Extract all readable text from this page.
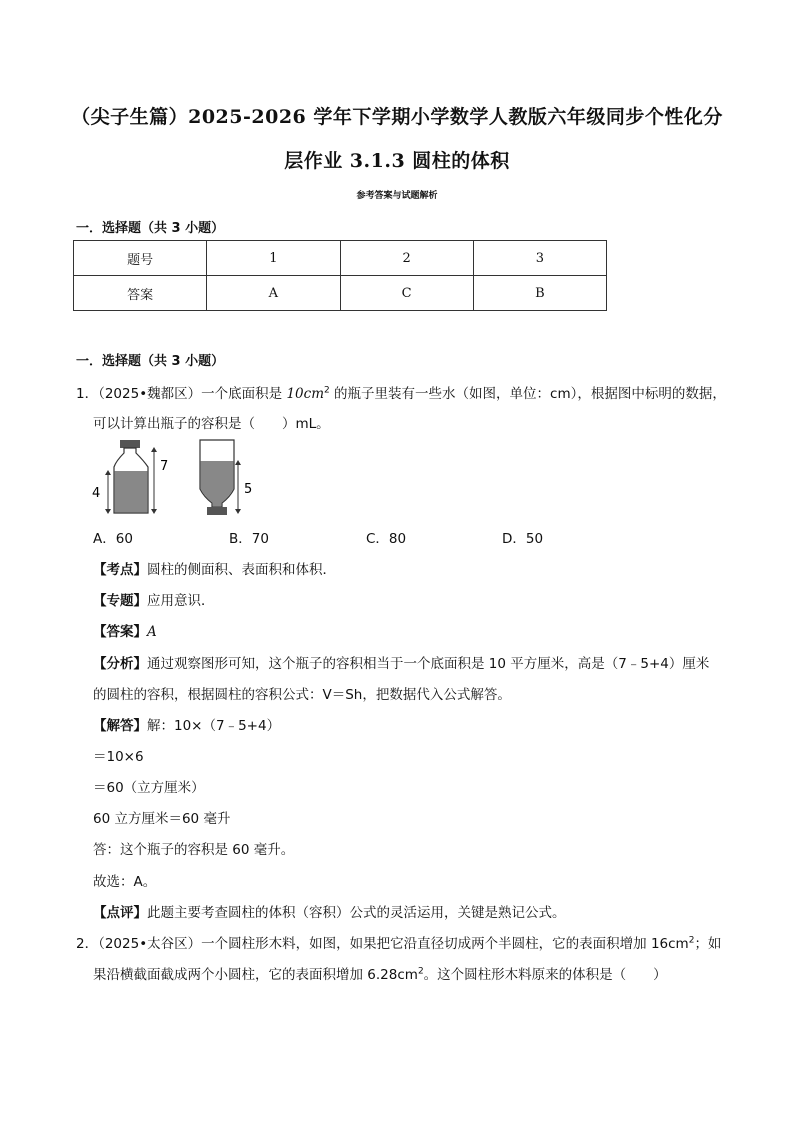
（尖子生篇）2025-2026 学年下学期小学数学人教版六年级同步个性化分
层作业 3.1.3 圆柱的体积
参考答案与试题解析
一．选择题（共 3 小题）
题号	1	2	3
答案	A	C	B
一．选择题（共 3 小题）
1．（2025•魏都区）一个底面积是 $10cm^2$ 的瓶子里装有一些水（如图，单位：cm），根据图中标明的数据，
可以计算出瓶子的容积是（　　）mL。
4
7
5
A．60	B．70	C．80	D．50
【考点】圆柱的侧面积、表面积和体积．
【专题】应用意识．
【答案】A
【分析】通过观察图形可知，这个瓶子的容积相当于一个底面积是 10 平方厘米，高是（7﹣5+4）厘米
的圆柱的容积，根据圆柱的容积公式：V＝Sh，把数据代入公式解答。
【解答】解：10×（7﹣5+4）
＝10×6
＝60（立方厘米）
60 立方厘米＝60 毫升
答：这个瓶子的容积是 60 毫升。
故选：A。
【点评】此题主要考查圆柱的体积（容积）公式的灵活运用，关键是熟记公式。
2．（2025•太谷区）一个圆柱形木料，如图，如果把它沿直径切成两个半圆柱，它的表面积增加 $16cm^2$；如
果沿横截面截成两个小圆柱，它的表面积增加 $6.28cm^2$。这个圆柱形木料原来的体积是（　　）
